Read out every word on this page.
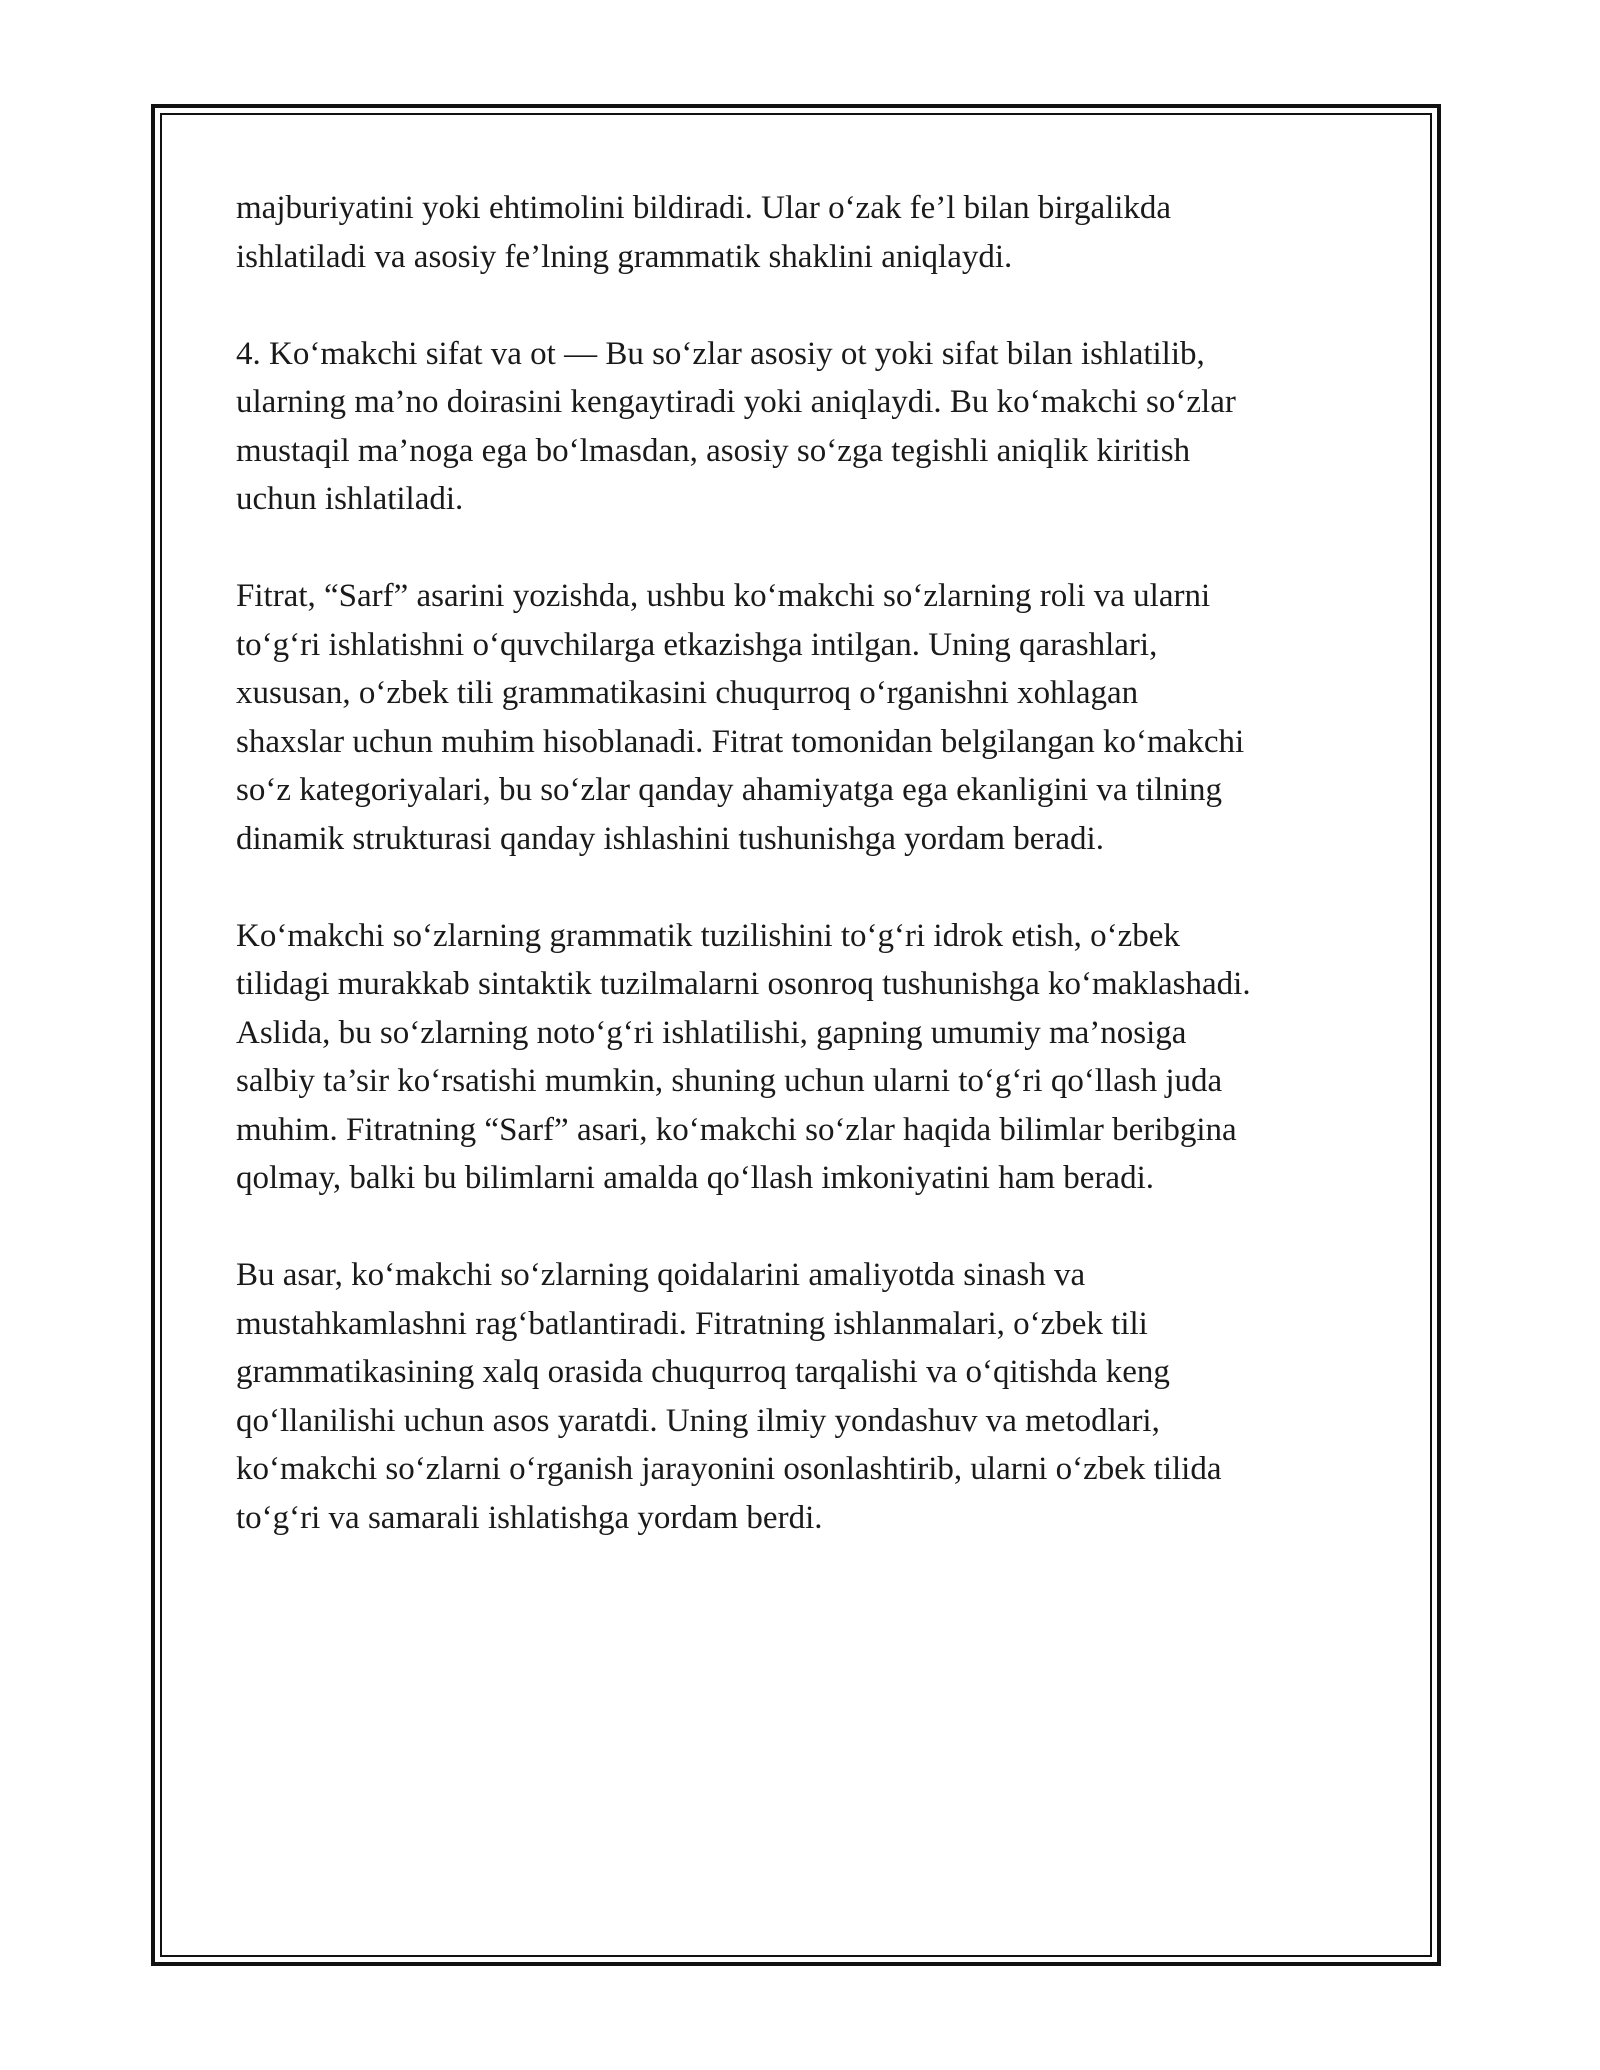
majburiyatini yoki ehtimolini bildiradi. Ular o‘zak fe’l bilan birgalikda
ishlatiladi va asosiy fe’lning grammatik shaklini aniqlaydi.

4. Ko‘makchi sifat va ot — Bu so‘zlar asosiy ot yoki sifat bilan ishlatilib,
ularning ma’no doirasini kengaytiradi yoki aniqlaydi. Bu ko‘makchi so‘zlar
mustaqil ma’noga ega bo‘lmasdan, asosiy so‘zga tegishli aniqlik kiritish
uchun ishlatiladi.

Fitrat, “Sarf” asarini yozishda, ushbu ko‘makchi so‘zlarning roli va ularni
to‘g‘ri ishlatishni o‘quvchilarga etkazishga intilgan. Uning qarashlari,
xususan, o‘zbek tili grammatikasini chuqurroq o‘rganishni xohlagan
shaxslar uchun muhim hisoblanadi. Fitrat tomonidan belgilangan ko‘makchi
so‘z kategoriyalari, bu so‘zlar qanday ahamiyatga ega ekanligini va tilning
dinamik strukturasi qanday ishlashini tushunishga yordam beradi.

Ko‘makchi so‘zlarning grammatik tuzilishini to‘g‘ri idrok etish, o‘zbek
tilidagi murakkab sintaktik tuzilmalarni osonroq tushunishga ko‘maklashadi.
Aslida, bu so‘zlarning noto‘g‘ri ishlatilishi, gapning umumiy ma’nosiga
salbiy ta’sir ko‘rsatishi mumkin, shuning uchun ularni to‘g‘ri qo‘llash juda
muhim. Fitratning “Sarf” asari, ko‘makchi so‘zlar haqida bilimlar beribgina
qolmay, balki bu bilimlarni amalda qo‘llash imkoniyatini ham beradi.

Bu asar, ko‘makchi so‘zlarning qoidalarini amaliyotda sinash va
mustahkamlashni rag‘batlantiradi. Fitratning ishlanmalari, o‘zbek tili
grammatikasining xalq orasida chuqurroq tarqalishi va o‘qitishda keng
qo‘llanilishi uchun asos yaratdi. Uning ilmiy yondashuv va metodlari,
ko‘makchi so‘zlarni o‘rganish jarayonini osonlashtirib, ularni o‘zbek tilida
to‘g‘ri va samarali ishlatishga yordam berdi.
